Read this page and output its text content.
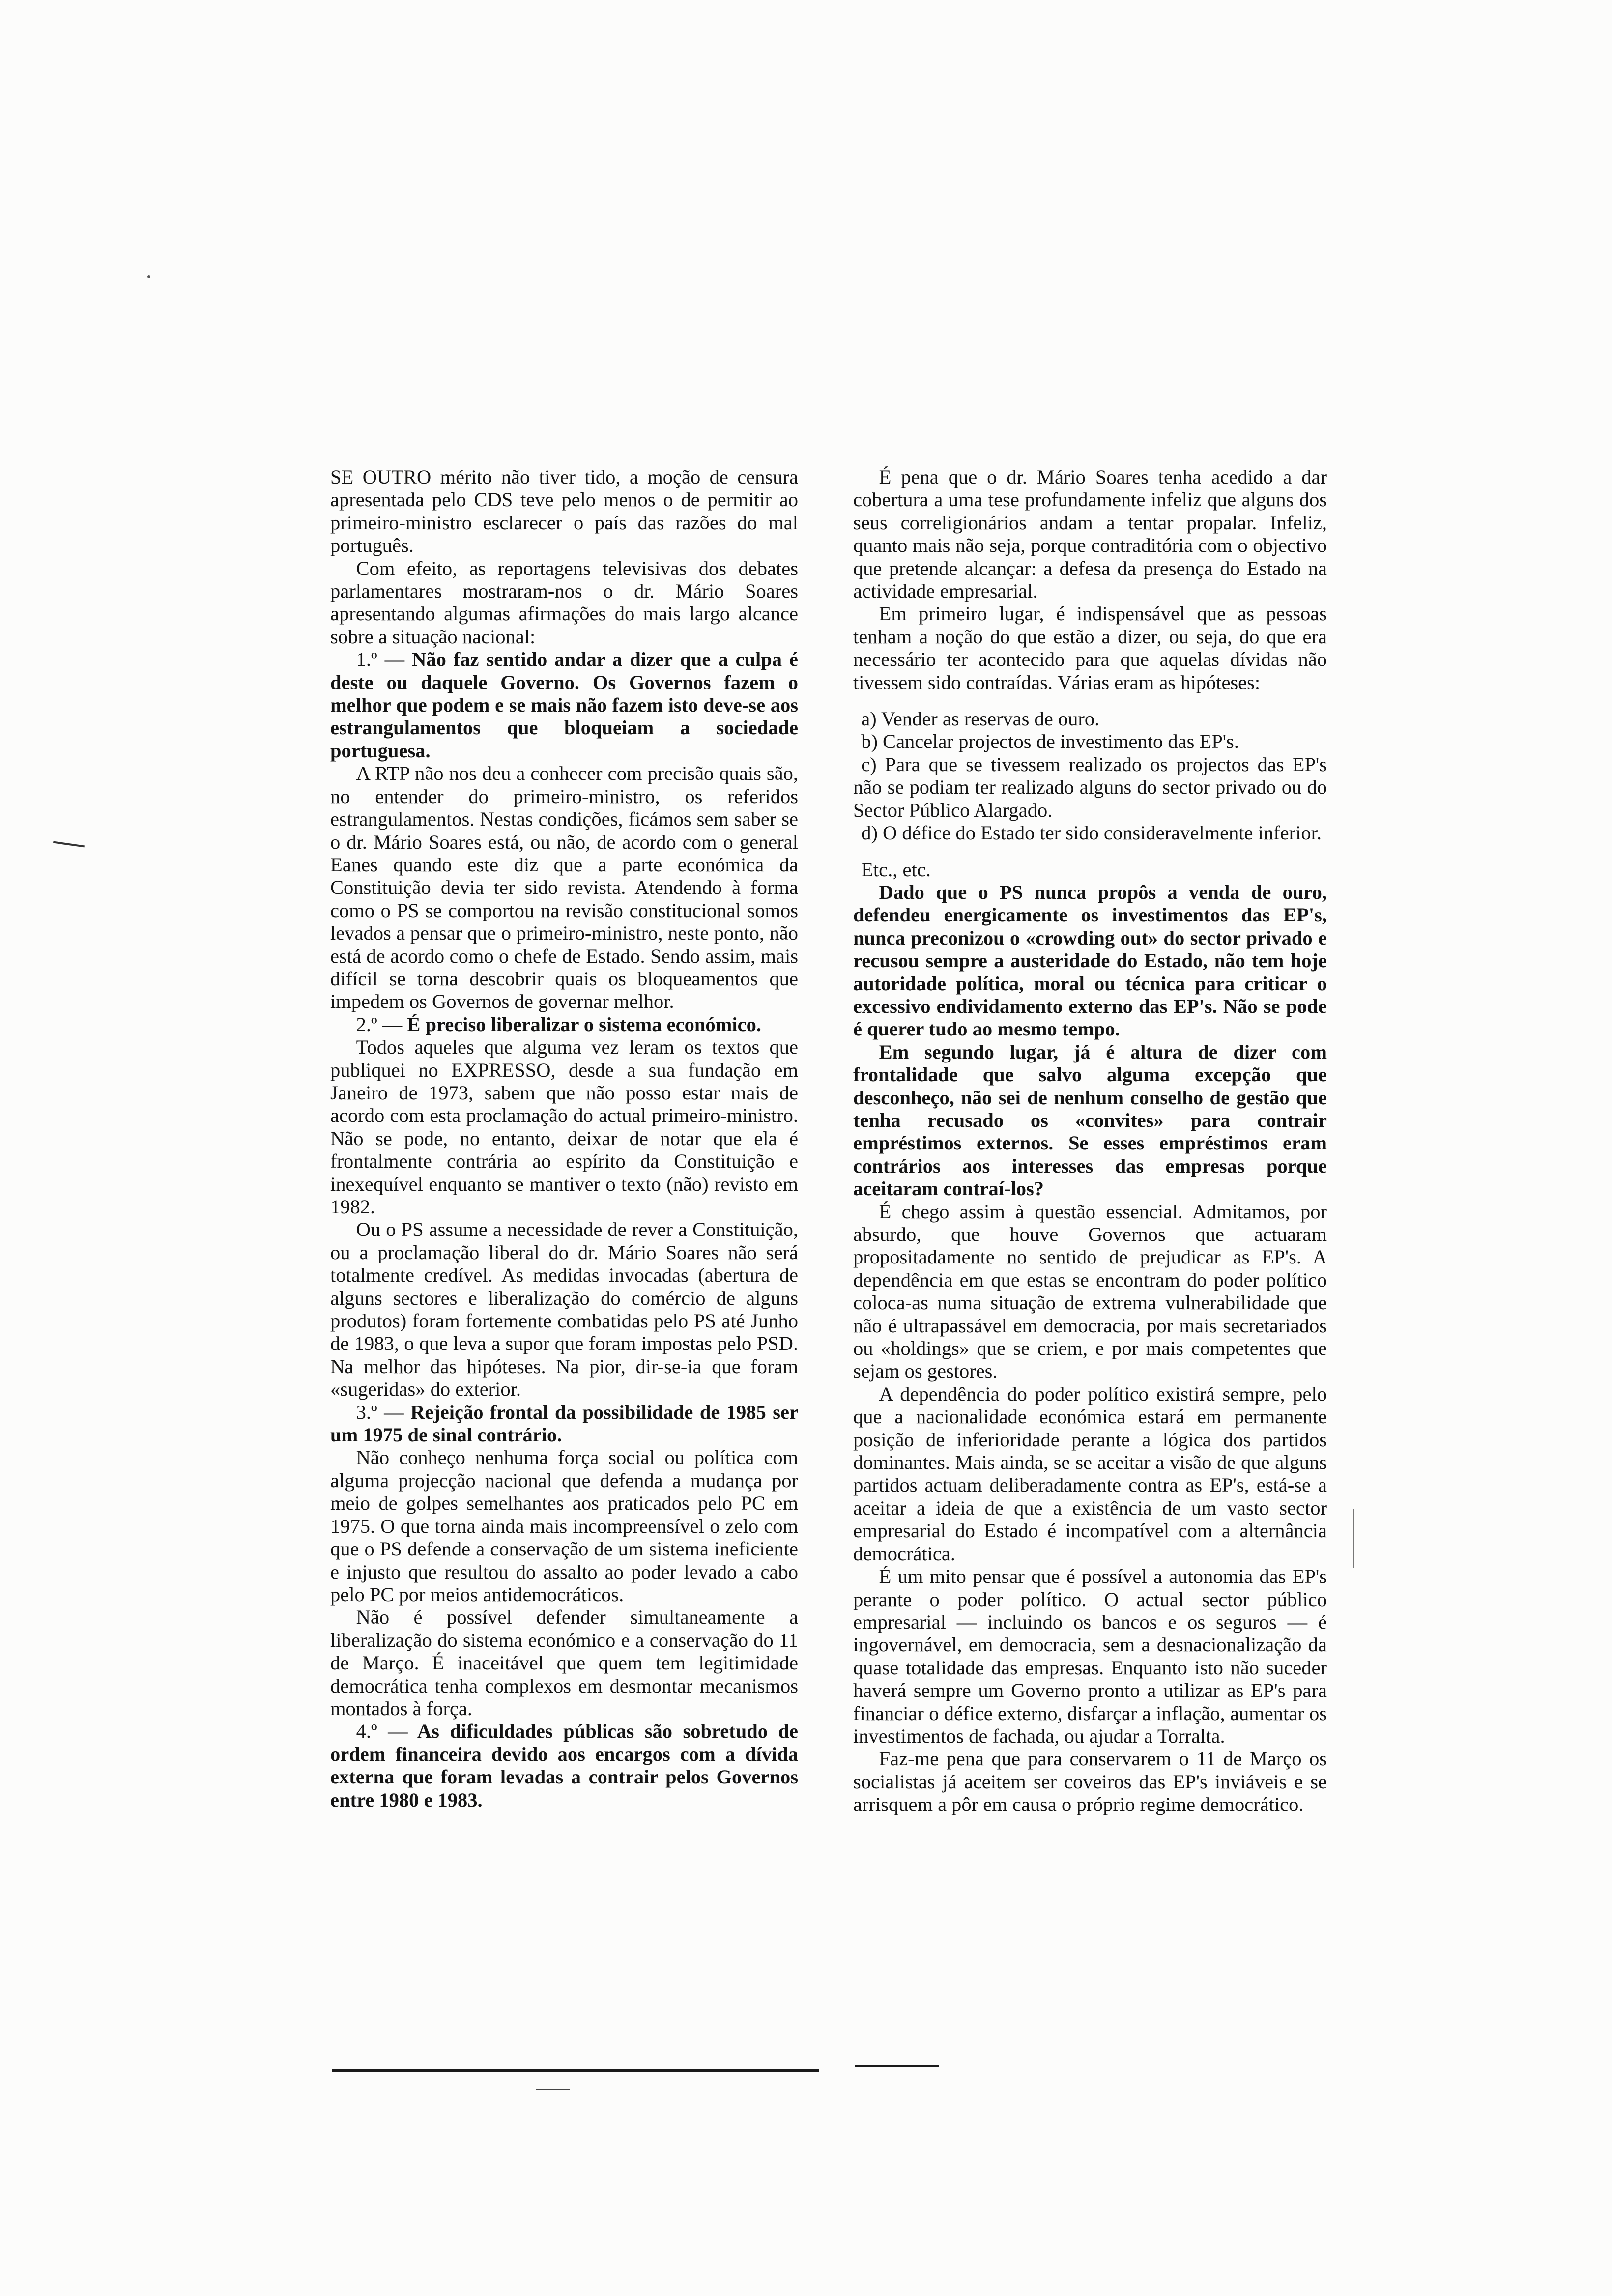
SE OUTRO mérito não tiver tido, a moção de censura apresentada pelo CDS teve pelo menos o de permitir ao primeiro-ministro esclarecer o país das razões do mal português.

Com efeito, as reportagens televisivas dos debates parlamentares mostraram-nos o dr. Mário Soares apresentando algumas afirmações do mais largo alcance sobre a situação nacional:

1.º — Não faz sentido andar a dizer que a culpa é deste ou daquele Governo. Os Governos fazem o melhor que podem e se mais não fazem isto deve-se aos estrangulamentos que bloqueiam a sociedade portuguesa.

A RTP não nos deu a conhecer com precisão quais são, no entender do primeiro-ministro, os referidos estrangulamentos. Nestas condições, ficámos sem saber se o dr. Mário Soares está, ou não, de acordo com o general Eanes quando este diz que a parte económica da Constituição devia ter sido revista. Atendendo à forma como o PS se comportou na revisão constitucional somos levados a pensar que o primeiro-ministro, neste ponto, não está de acordo como o chefe de Estado. Sendo assim, mais difícil se torna descobrir quais os bloqueamentos que impedem os Governos de governar melhor.

2.º — É preciso liberalizar o sistema económico.

Todos aqueles que alguma vez leram os textos que publiquei no EXPRESSO, desde a sua fundação em Janeiro de 1973, sabem que não posso estar mais de acordo com esta proclamação do actual primeiro-ministro. Não se pode, no entanto, deixar de notar que ela é frontalmente contrária ao espírito da Constituição e inexequível enquanto se mantiver o texto (não) revisto em 1982.

Ou o PS assume a necessidade de rever a Constituição, ou a proclamação liberal do dr. Mário Soares não será totalmente credível. As medidas invocadas (abertura de alguns sectores e liberalização do comércio de alguns produtos) foram fortemente combatidas pelo PS até Junho de 1983, o que leva a supor que foram impostas pelo PSD. Na melhor das hipóteses. Na pior, dir-se-ia que foram «sugeridas» do exterior.

3.º — Rejeição frontal da possibilidade de 1985 ser um 1975 de sinal contrário.

Não conheço nenhuma força social ou política com alguma projecção nacional que defenda a mudança por meio de golpes semelhantes aos praticados pelo PC em 1975. O que torna ainda mais incompreensível o zelo com que o PS defende a conservação de um sistema ineficiente e injusto que resultou do assalto ao poder levado a cabo pelo PC por meios antidemocráticos.

Não é possível defender simultaneamente a liberalização do sistema económico e a conservação do 11 de Março. É inaceitável que quem tem legitimidade democrática tenha complexos em desmontar mecanismos montados à força.

4.º — As dificuldades públicas são sobretudo de ordem financeira devido aos encargos com a dívida externa que foram levadas a contrair pelos Governos entre 1980 e 1983.

É pena que o dr. Mário Soares tenha acedido a dar cobertura a uma tese profundamente infeliz que alguns dos seus correligionários andam a tentar propalar. Infeliz, quanto mais não seja, porque contraditória com o objectivo que pretende alcançar: a defesa da presença do Estado na actividade empresarial.

Em primeiro lugar, é indispensável que as pessoas tenham a noção do que estão a dizer, ou seja, do que era necessário ter acontecido para que aquelas dívidas não tivessem sido contraídas. Várias eram as hipóteses:

a) Vender as reservas de ouro.

b) Cancelar projectos de investimento das EP's.

c) Para que se tivessem realizado os projectos das EP's não se podiam ter realizado alguns do sector privado ou do Sector Público Alargado.

d) O défice do Estado ter sido consideravelmente inferior.

Etc., etc.

Dado que o PS nunca propôs a venda de ouro, defendeu energicamente os investimentos das EP's, nunca preconizou o «crowding out» do sector privado e recusou sempre a austeridade do Estado, não tem hoje autoridade política, moral ou técnica para criticar o excessivo endividamento externo das EP's. Não se pode é querer tudo ao mesmo tempo.

Em segundo lugar, já é altura de dizer com frontalidade que salvo alguma excepção que desconheço, não sei de nenhum conselho de gestão que tenha recusado os «convites» para contrair empréstimos externos. Se esses empréstimos eram contrários aos interesses das empresas porque aceitaram contraí-los?

É chego assim à questão essencial. Admitamos, por absurdo, que houve Governos que actuaram propositadamente no sentido de prejudicar as EP's. A dependência em que estas se encontram do poder político coloca-as numa situação de extrema vulnerabilidade que não é ultrapassável em democracia, por mais secretariados ou «holdings» que se criem, e por mais competentes que sejam os gestores.

A dependência do poder político existirá sempre, pelo que a nacionalidade económica estará em permanente posição de inferioridade perante a lógica dos partidos dominantes. Mais ainda, se se aceitar a visão de que alguns partidos actuam deliberadamente contra as EP's, está-se a aceitar a ideia de que a existência de um vasto sector empresarial do Estado é incompatível com a alternância democrática.

É um mito pensar que é possível a autonomia das EP's perante o poder político. O actual sector público empresarial — incluindo os bancos e os seguros — é ingovernável, em democracia, sem a desnacionalização da quase totalidade das empresas. Enquanto isto não suceder haverá sempre um Governo pronto a utilizar as EP's para financiar o défice externo, disfarçar a inflação, aumentar os investimentos de fachada, ou ajudar a Torralta.

Faz-me pena que para conservarem o 11 de Março os socialistas já aceitem ser coveiros das EP's inviáveis e se arrisquem a pôr em causa o próprio regime democrático.
